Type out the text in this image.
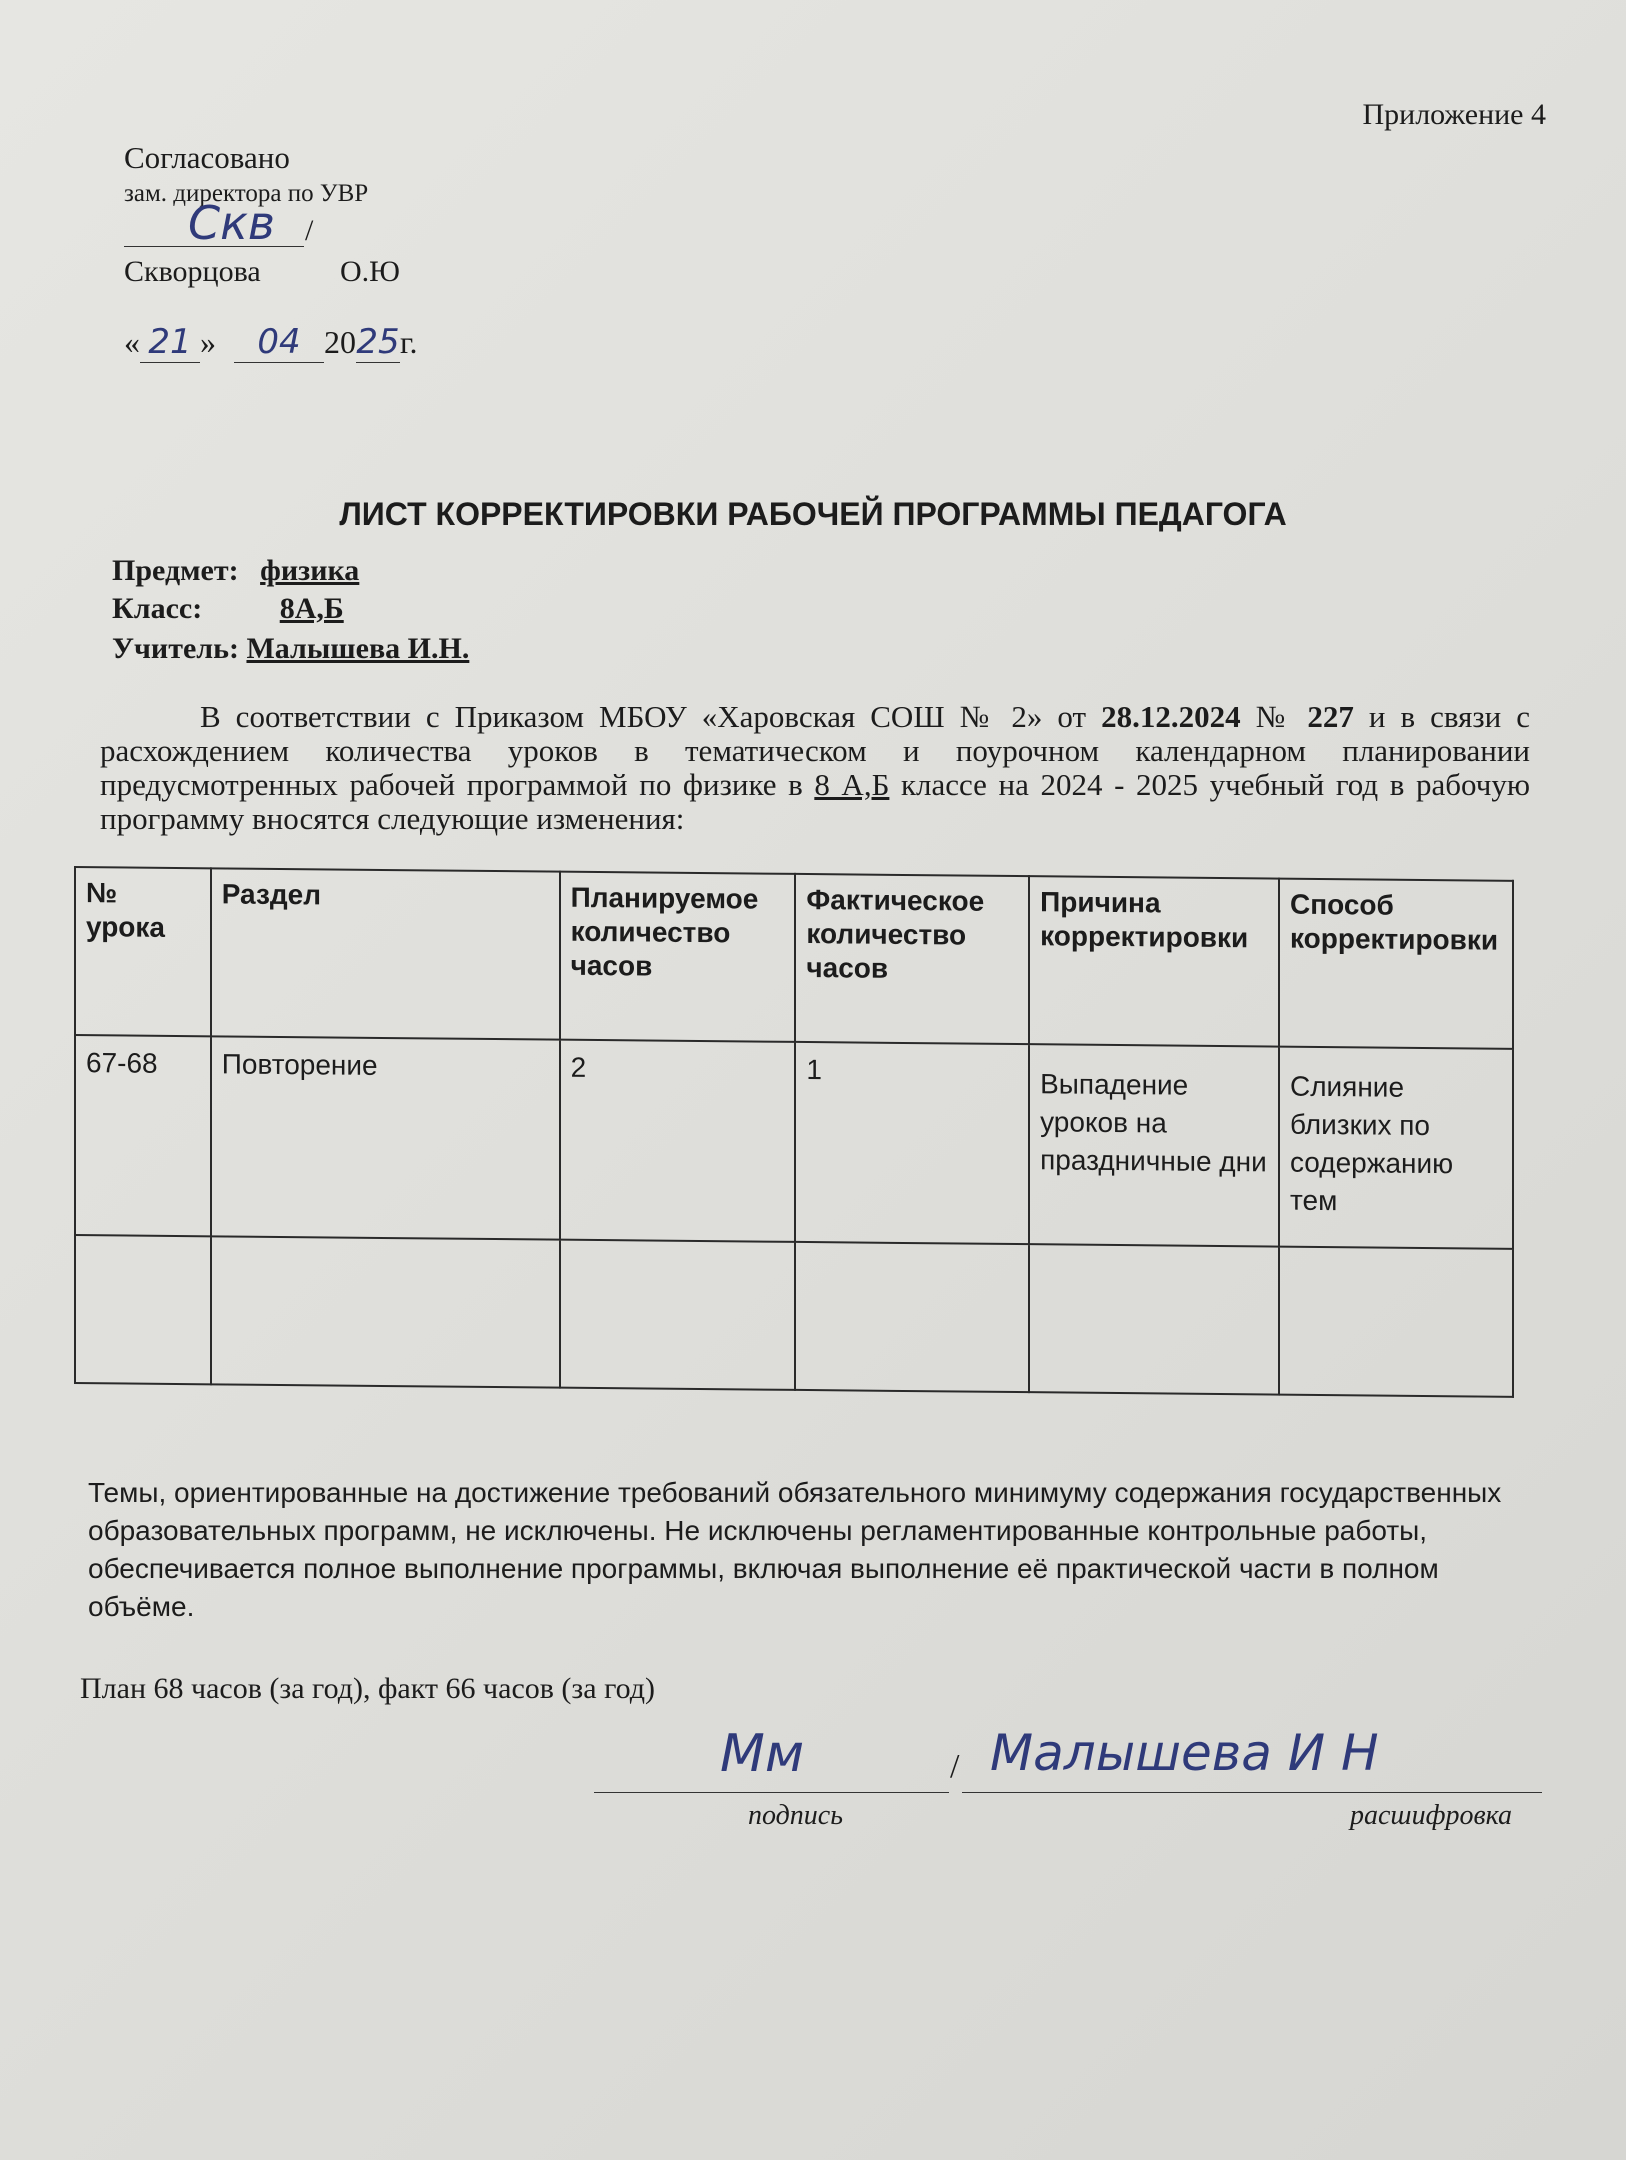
Приложение 4
Согласовано
зам. директора по УВР
Скв /
Скворцова	О.Ю
« 21 » 04 2025г.
ЛИСТ КОРРЕКТИРОВКИ РАБОЧЕЙ ПРОГРАММЫ ПЕДАГОГА
Предмет: физика
Класс:	8А,Б
Учитель: Малышева И.Н.
В соответствии с Приказом МБОУ «Харовская СОШ № 2» от 28.12.2024 № 227 и в связи с расхождением количества уроков в тематическом и поурочном календарном планировании предусмотренных рабочей программой по физике в 8 А,Б классе на 2024 - 2025 учебный год в рабочую программу вносятся следующие изменения:
№ урока	Раздел	Планируемое количество часов	Фактическое количество часов	Причина корректировки	Способ корректировки
67-68	Повторение	2	1	Выпадение уроков на праздничные дни	Слияние близких по содержанию тем

Темы, ориентированные на достижение требований обязательного минимуму содержания государственных образовательных программ, не исключены. Не исключены регламентированные контрольные работы, обеспечивается полное выполнение программы, включая выполнение её практической части в полном объёме.
План 68 часов (за год), факт 66 часов (за год)
Мм	/ Малышева И Н
подпись	расшифровка
